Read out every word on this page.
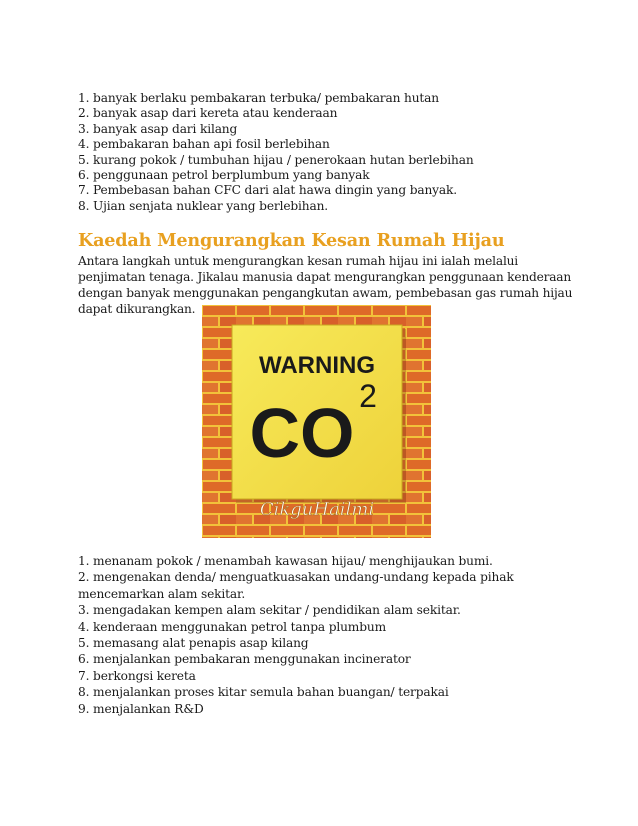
1. banyak berlaku pembakaran terbuka/ pembakaran hutan
2. banyak asap dari kereta atau kenderaan
3. banyak asap dari kilang
4. pembakaran bahan api fosil berlebihan
5. kurang pokok / tumbuhan hijau / penerokaan hutan berlebihan
6. penggunaan petrol berplumbum yang banyak
7. Pembebasan bahan CFC dari alat hawa dingin yang banyak.
8. Ujian senjata nuklear yang berlebihan.
Kaedah Mengurangkan Kesan Rumah Hijau

Antara langkah untuk mengurangkan kesan rumah hijau ini ialah melalui penjimatan tenaga. Jikalau manusia dapat mengurangkan penggunaan kenderaan dengan banyak menggunakan pengangkutan awam, pembebasan gas rumah hijau dapat dikurangkan.

WARNING
CO 2
CikguHailmi
1. menanam pokok / menambah kawasan hijau/ menghijaukan bumi.
2. mengenakan denda/ menguatkuasakan undang-undang kepada pihak mencemarkan alam sekitar.
3. mengadakan kempen alam sekitar / pendidikan alam sekitar.
4. kenderaan menggunakan petrol tanpa plumbum
5. memasang alat penapis asap kilang
6. menjalankan pembakaran menggunakan incinerator
7. berkongsi kereta
8. menjalankan proses kitar semula bahan buangan/ terpakai
9. menjalankan R&D
